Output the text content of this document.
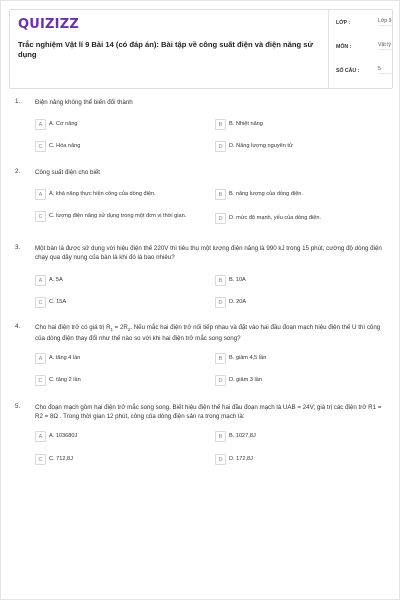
QUIZIZZ
Trắc nghiệm Vật lí 9 Bài 14 (có đáp án): Bài tập về công suất điện và điện năng sử dụng
LỚP :	Lớp 9
MÔN :	Vật lý
SỐ CÂU :	5
1. Điện năng không thể biến đổi thành
A	A. Cơ năng	B	B. Nhiệt năng
C	C. Hóa năng	D	D. Năng lượng nguyên tử
2. Công suất điện cho biết
A	A. khả năng thực hiện công của dòng điện.	B	B. năng lượng của dòng điện.
C	C. lượng điện năng sử dụng trong một đơn vị thời gian.	D	D. mức độ mạnh, yếu của dòng điện.
3. Một bàn là được sử dụng với hiệu điện thế 220V thì tiêu thụ một lượng điện năng là 990 kJ trong 15 phút, cường độ dòng điện chạy qua dây nung của bàn là khi đó là bao nhiêu?
A	A. 5A	B	B. 10A
C	C. 15A	D	D. 20A
4. Cho hai điện trở có giá trị $R_1 = 2R_2$. Nếu mắc hai điện trở nối tiếp nhau và đặt vào hai đầu đoạn mạch hiệu điện thế U thì công của dòng điện thay đổi như thế nào so với khi hai điện trở mắc song song?
A	A. tăng 4 lần	B	B. giảm 4,5 lần
C	C. tăng 2 lần	D	D. giảm 3 lần
5. Cho đoạn mạch gồm hai điện trở mắc song song. Biết hiệu điện thế hai đầu đoạn mạch là UAB = 24V; giá trị các điện trở R1 = R2 = 8Ω . Trong thời gian 12 phút, công của dòng điện sản ra trong mạch là:
A	A. 103680J	B	B. 1027,8J
C	C. 712,8J	D	D. 172,8J
